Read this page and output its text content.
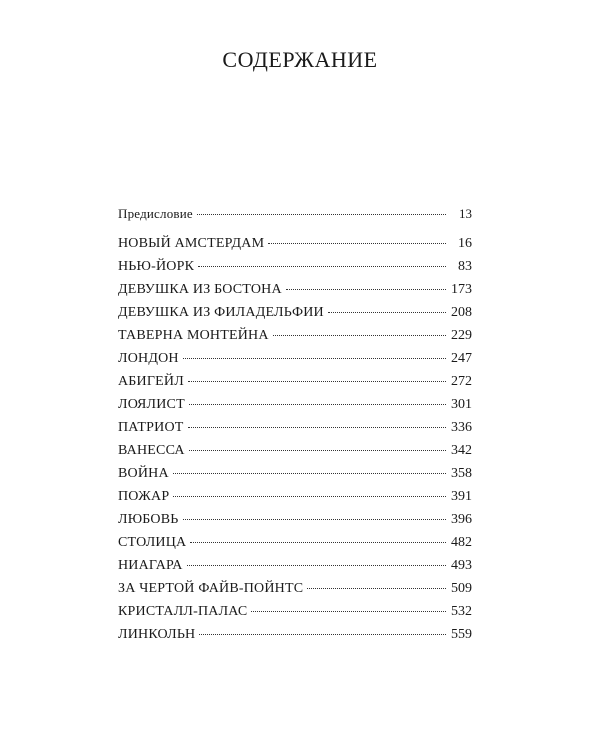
СОДЕРЖАНИЕ
Предисловие	13
НОВЫЙ АМСТЕРДАМ	16
НЬЮ-ЙОРК	83
ДЕВУШКА ИЗ БОСТОНА	173
ДЕВУШКА ИЗ ФИЛАДЕЛЬФИИ	208
ТАВЕРНА МОНТЕЙНА	229
ЛОНДОН	247
АБИГЕЙЛ	272
ЛОЯЛИСТ	301
ПАТРИОТ	336
ВАНЕССА	342
ВОЙНА	358
ПОЖАР	391
ЛЮБОВЬ	396
СТОЛИЦА	482
НИАГАРА	493
ЗА ЧЕРТОЙ ФАЙВ-ПОЙНТС	509
КРИСТАЛЛ-ПАЛАС	532
ЛИНКОЛЬН	559
